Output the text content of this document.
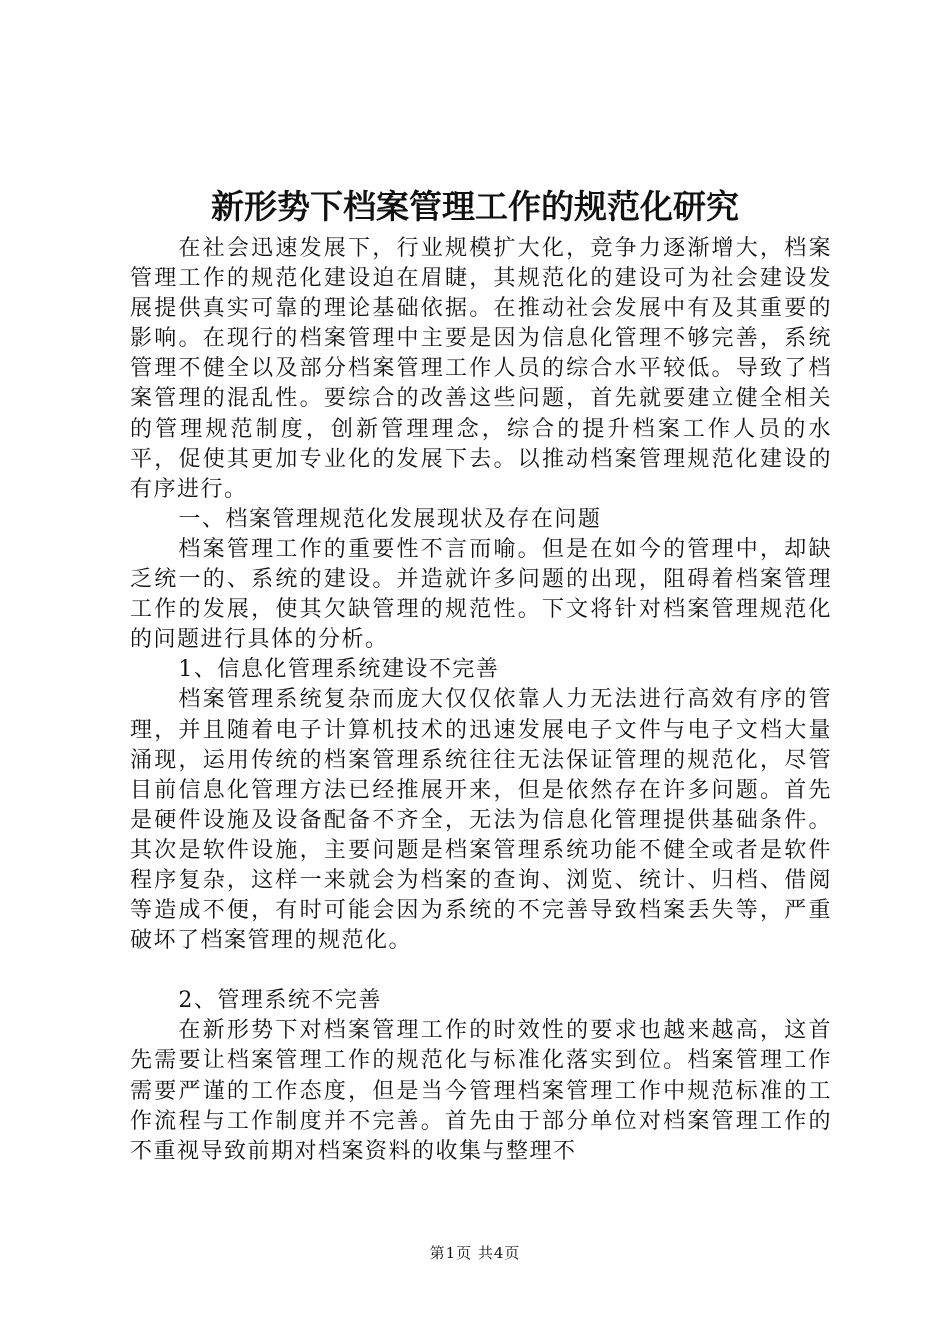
新形势下档案管理工作的规范化研究

在社会迅速发展下，行业规模扩大化，竞争力逐渐增大，档案管理工作的规范化建设迫在眉睫，其规范化的建设可为社会建设发展提供真实可靠的理论基础依据。在推动社会发展中有及其重要的影响。在现行的档案管理中主要是因为信息化管理不够完善，系统管理不健全以及部分档案管理工作人员的综合水平较低。导致了档案管理的混乱性。要综合的改善这些问题，首先就要建立健全相关的管理规范制度，创新管理理念，综合的提升档案工作人员的水平，促使其更加专业化的发展下去。以推动档案管理规范化建设的有序进行。

一、档案管理规范化发展现状及存在问题

档案管理工作的重要性不言而喻。但是在如今的管理中，却缺乏统一的、系统的建设。并造就许多问题的出现，阻碍着档案管理工作的发展，使其欠缺管理的规范性。下文将针对档案管理规范化的问题进行具体的分析。

1、信息化管理系统建设不完善

档案管理系统复杂而庞大仅仅依靠人力无法进行高效有序的管理，并且随着电子计算机技术的迅速发展电子文件与电子文档大量涌现，运用传统的档案管理系统往往无法保证管理的规范化，尽管目前信息化管理方法已经推展开来，但是依然存在许多问题。首先是硬件设施及设备配备不齐全，无法为信息化管理提供基础条件。其次是软件设施，主要问题是档案管理系统功能不健全或者是软件程序复杂，这样一来就会为档案的查询、浏览、统计、归档、借阅等造成不便，有时可能会因为系统的不完善导致档案丢失等，严重破坏了档案管理的规范化。

2、管理系统不完善

在新形势下对档案管理工作的时效性的要求也越来越高，这首先需要让档案管理工作的规范化与标准化落实到位。档案管理工作需要严谨的工作态度，但是当今管理档案管理工作中规范标准的工作流程与工作制度并不完善。首先由于部分单位对档案管理工作的不重视导致前期对档案资料的收集与整理不

第1页 共4页
